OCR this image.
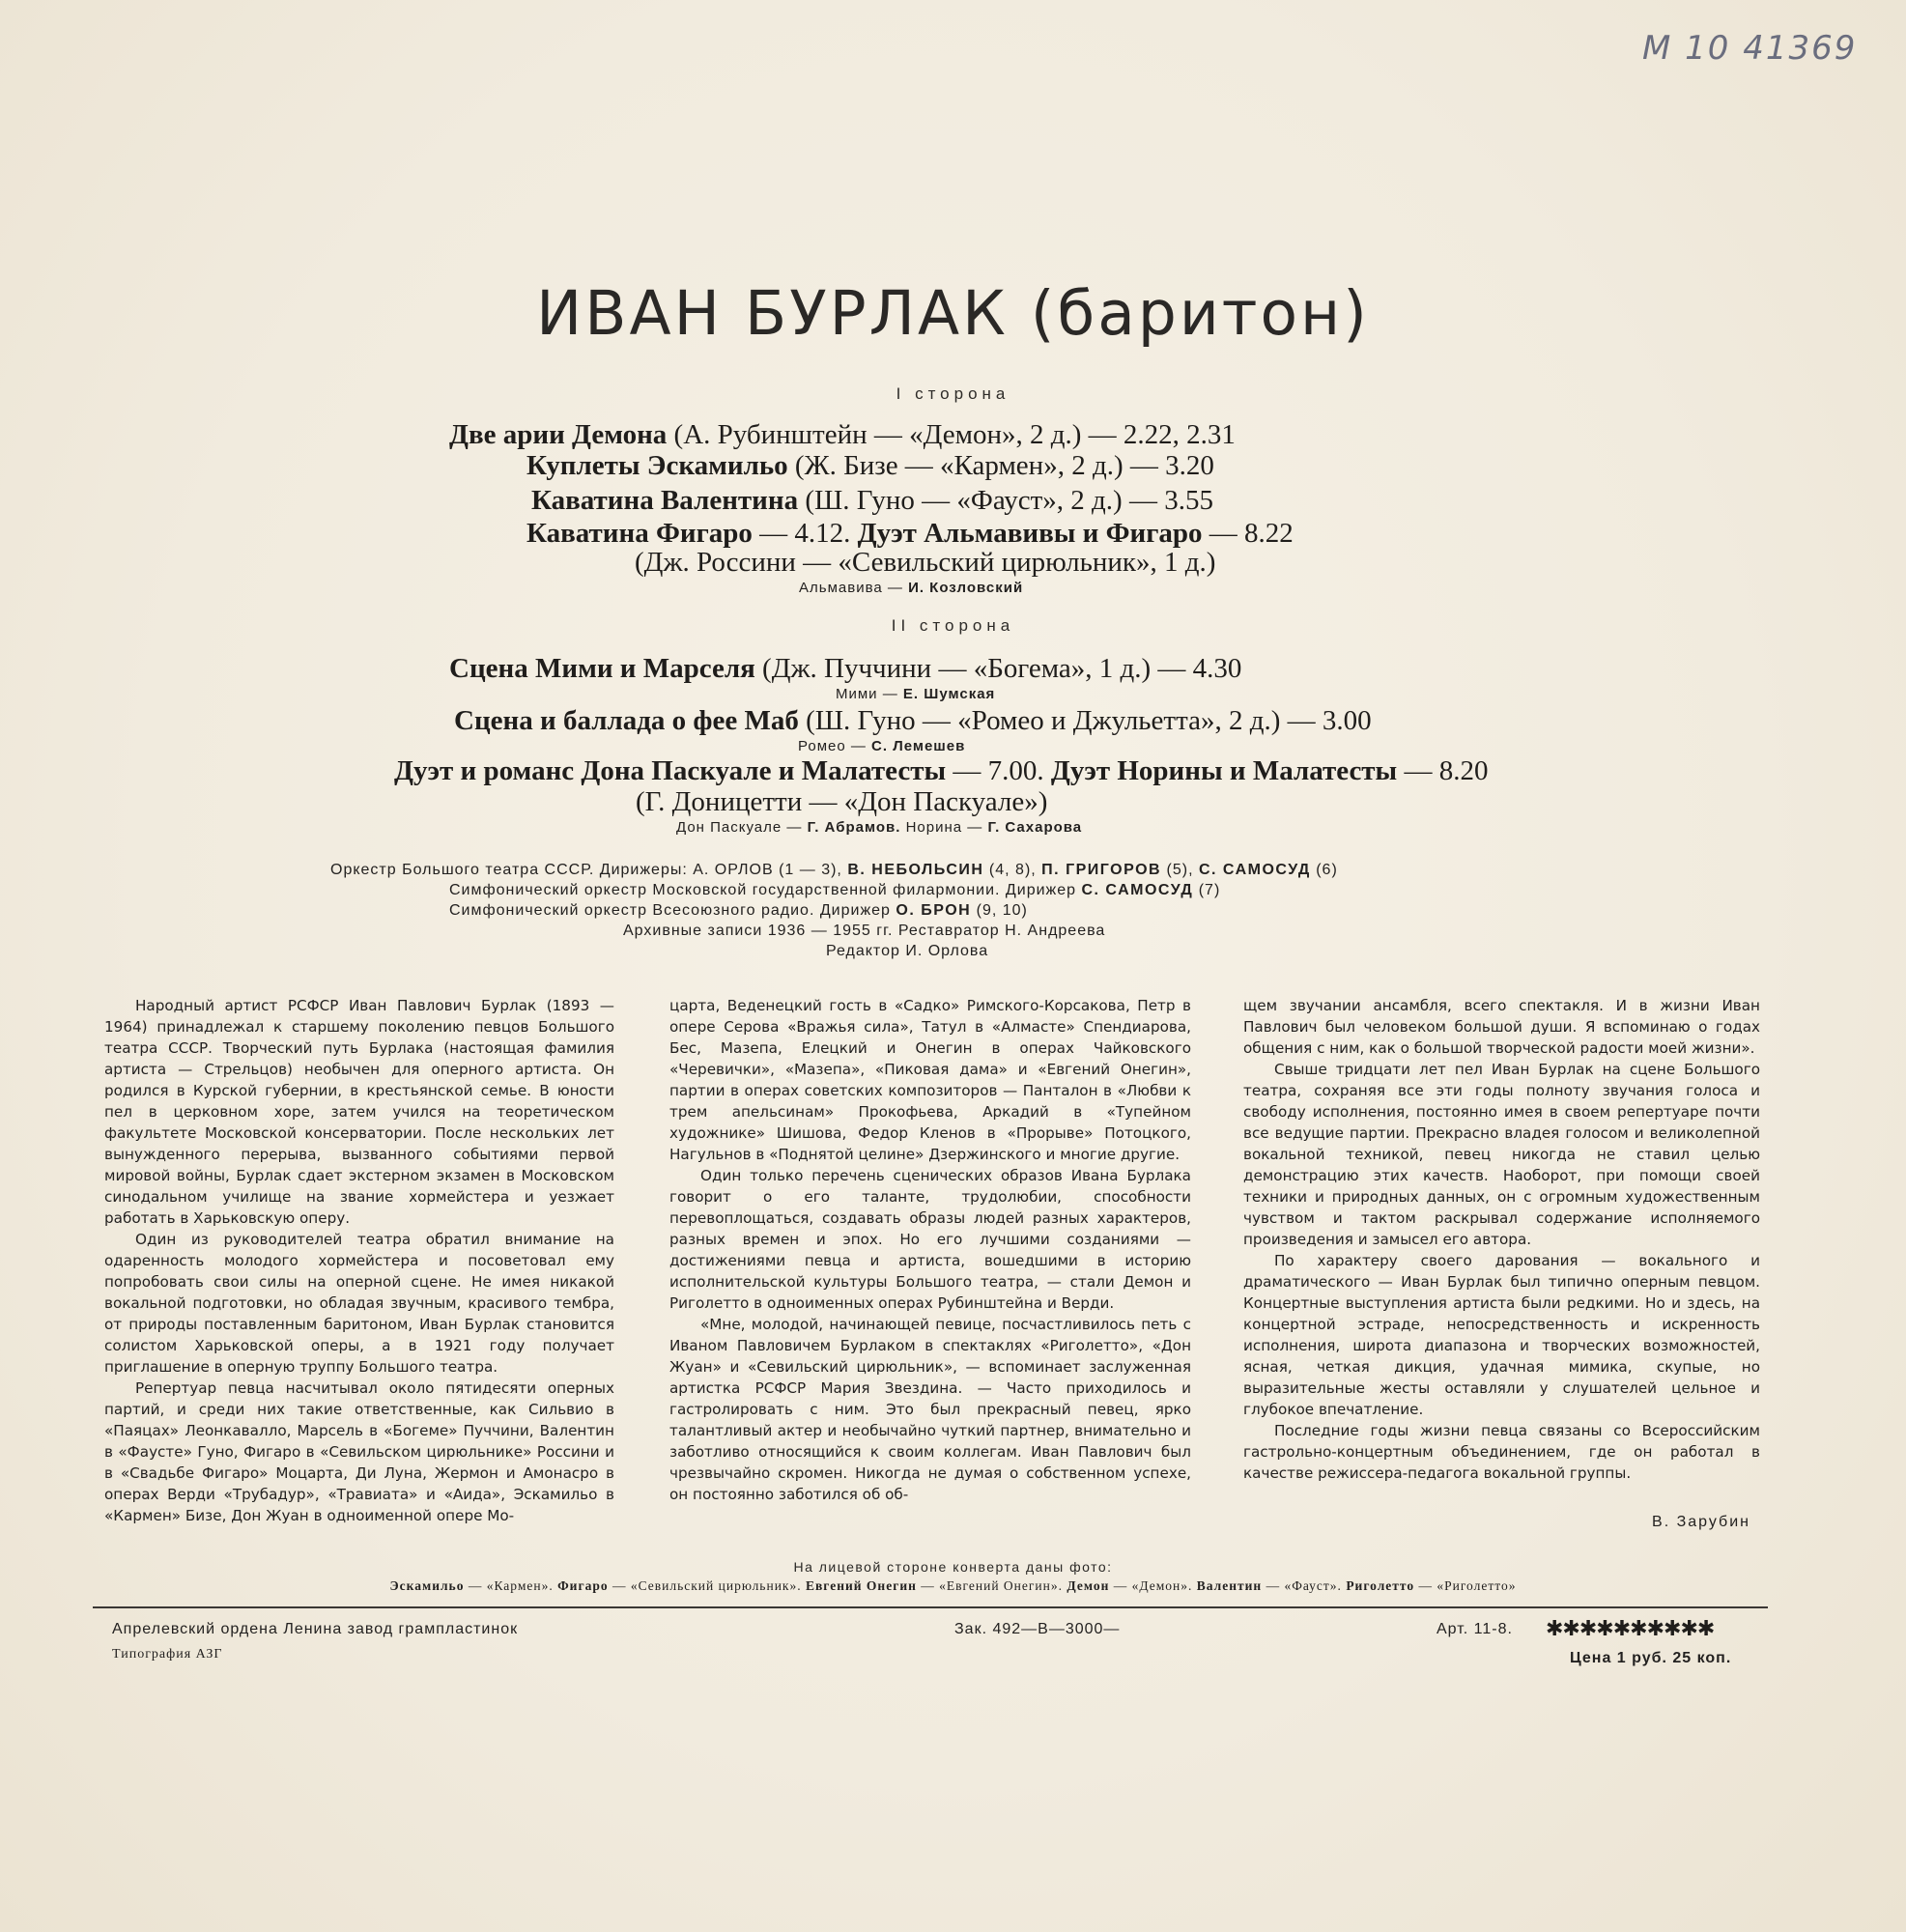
M 10 41369
ИВАН БУРЛАК (баритон)
I сторона
Две арии Демона (А. Рубинштейн — «Демон», 2 д.) — 2.22, 2.31
Куплеты Эскамильо (Ж. Бизе — «Кармен», 2 д.) — 3.20
Каватина Валентина (Ш. Гуно — «Фауст», 2 д.) — 3.55
Каватина Фигаро — 4.12. Дуэт Альмавивы и Фигаро — 8.22
(Дж. Россини — «Севильский цирюльник», 1 д.)
Альмавива — И. Козловский
II сторона
Сцена Мими и Марселя (Дж. Пуччини — «Богема», 1 д.) — 4.30
Мими — Е. Шумская
Сцена и баллада о фее Маб (Ш. Гуно — «Ромео и Джульетта», 2 д.) — 3.00
Ромео — С. Лемешев
Дуэт и романс Дона Паскуале и Малатесты — 7.00. Дуэт Норины и Малатесты — 8.20
(Г. Доницетти — «Дон Паскуале»)
Дон Паскуале — Г. Абрамов. Норина — Г. Сахарова
Оркестр Большого театра СССР. Дирижеры: А. ОРЛОВ (1 — 3), В. НЕБОЛЬСИН (4, 8), П. ГРИГОРОВ (5), С. САМОСУД (6)
Симфонический оркестр Московской государственной филармонии. Дирижер С. САМОСУД (7)
Симфонический оркестр Всесоюзного радио. Дирижер О. БРОН (9, 10)
Архивные записи 1936 — 1955 гг. Реставратор Н. Андреева
Редактор И. Орлова

Народный артист РСФСР Иван Павлович Бурлак (1893 — 1964) принадлежал к старшему поколению певцов Большого театра СССР. Творческий путь Бурлака (настоящая фамилия артиста — Стрельцов) необычен для оперного артиста. Он родился в Курской губернии, в крестьянской семье. В юности пел в церковном хоре, затем учился на теоретическом факультете Московской консерватории. После нескольких лет вынужденного перерыва, вызванного событиями первой мировой войны, Бурлак сдает экстерном экзамен в Московском синодальном училище на звание хормейстера и уезжает работать в Харьковскую оперу.

Один из руководителей театра обратил внимание на одаренность молодого хормейстера и посоветовал ему попробовать свои силы на оперной сцене. Не имея никакой вокальной подготовки, но обладая звучным, красивого тембра, от природы поставленным баритоном, Иван Бурлак становится солистом Харьковской оперы, а в 1921 году получает приглашение в оперную труппу Большого театра.

Репертуар певца насчитывал около пятидесяти оперных партий, и среди них такие ответственные, как Сильвио в «Паяцах» Леонкавалло, Марсель в «Богеме» Пуччини, Валентин в «Фаусте» Гуно, Фигаро в «Севильском цирюльнике» Россини и в «Свадьбе Фигаро» Моцарта, Ди Луна, Жермон и Амонасро в операх Верди «Трубадур», «Травиата» и «Аида», Эскамильо в «Кармен» Бизе, Дон Жуан в одноименной опере Мо-

царта, Веденецкий гость в «Садко» Римского-Корсакова, Петр в опере Серова «Вражья сила», Татул в «Алмасте» Спендиарова, Бес, Мазепа, Елецкий и Онегин в операх Чайковского «Черевички», «Мазепа», «Пиковая дама» и «Евгений Онегин», партии в операх советских композиторов — Панталон в «Любви к трем апельсинам» Прокофьева, Аркадий в «Тупейном художнике» Шишова, Федор Кленов в «Прорыве» Потоцкого, Нагульнов в «Поднятой целине» Дзержинского и многие другие.

Один только перечень сценических образов Ивана Бурлака говорит о его таланте, трудолюбии, способности перевоплощаться, создавать образы людей разных характеров, разных времен и эпох. Но его лучшими созданиями — достижениями певца и артиста, вошедшими в историю исполнительской культуры Большого театра, — стали Демон и Риголетто в одноименных операх Рубинштейна и Верди.

«Мне, молодой, начинающей певице, посчастливилось петь с Иваном Павловичем Бурлаком в спектаклях «Риголетто», «Дон Жуан» и «Севильский цирюльник», — вспоминает заслуженная артистка РСФСР Мария Звездина. — Часто приходилось и гастролировать с ним. Это был прекрасный певец, ярко талантливый актер и необычайно чуткий партнер, внимательно и заботливо относящийся к своим коллегам. Иван Павлович был чрезвычайно скромен. Никогда не думая о собственном успехе, он постоянно заботился об об-

щем звучании ансамбля, всего спектакля. И в жизни Иван Павлович был человеком большой души. Я вспоминаю о годах общения с ним, как о большой творческой радости моей жизни».

Свыше тридцати лет пел Иван Бурлак на сцене Большого театра, сохраняя все эти годы полноту звучания голоса и свободу исполнения, постоянно имея в своем репертуаре почти все ведущие партии. Прекрасно владея голосом и великолепной вокальной техникой, певец никогда не ставил целью демонстрацию этих качеств. Наоборот, при помощи своей техники и природных данных, он с огромным художественным чувством и тактом раскрывал содержание исполняемого произведения и замысел его автора.

По характеру своего дарования — вокального и драматического — Иван Бурлак был типично оперным певцом. Концертные выступления артиста были редкими. Но и здесь, на концертной эстраде, непосредственность и искренность исполнения, широта диапазона и творческих возможностей, ясная, четкая дикция, удачная мимика, скупые, но выразительные жесты оставляли у слушателей цельное и глубокое впечатление.

Последние годы жизни певца связаны со Всероссийским гастрольно-концертным объединением, где он работал в качестве режиссера-педагога вокальной группы.

В. Зарубин
На лицевой стороне конверта даны фото:
Эскамильо — «Кармен». Фигаро — «Севильский цирюльник». Евгений Онегин — «Евгений Онегин». Демон — «Демон». Валентин — «Фауст». Риголетто — «Риголетто»
Апрелевский ордена Ленина завод грампластинок
Типография АЗГ
Зак. 492—В—3000—	Арт. 11-8. ✱✱✱✱✱✱✱✱✱✱
Цена 1 руб. 25 коп.
